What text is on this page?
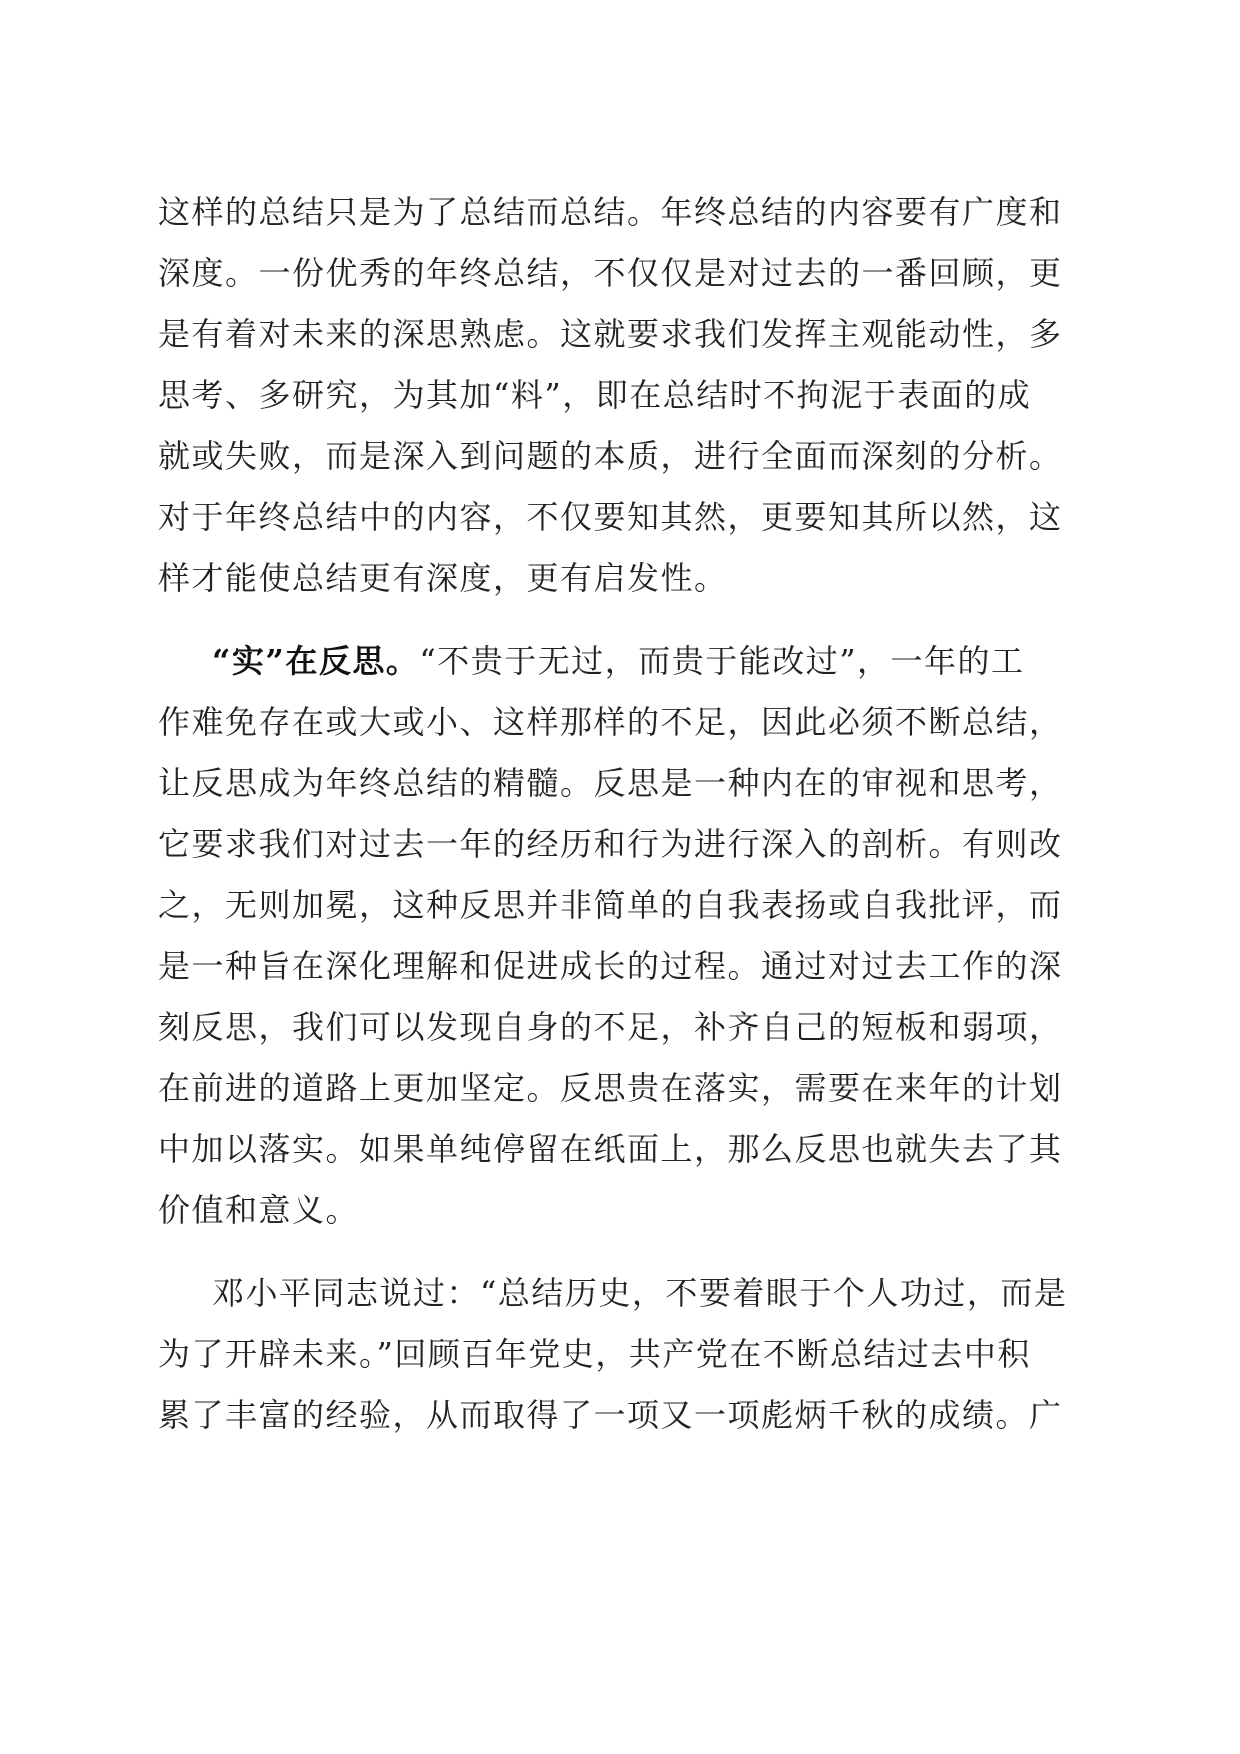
这样的总结只是为了总结而总结。年终总结的内容要有广度和
深度。一份优秀的年终总结，不仅仅是对过去的一番回顾，更
是有着对未来的深思熟虑。这就要求我们发挥主观能动性，多
思考、多研究，为其加“料”，即在总结时不拘泥于表面的成
就或失败，而是深入到问题的本质，进行全面而深刻的分析。
对于年终总结中的内容，不仅要知其然，更要知其所以然，这
样才能使总结更有深度，更有启发性。
“实”在反思。“不贵于无过，而贵于能改过”，一年的工
作难免存在或大或小、这样那样的不足，因此必须不断总结，
让反思成为年终总结的精髓。反思是一种内在的审视和思考，
它要求我们对过去一年的经历和行为进行深入的剖析。有则改
之，无则加冕，这种反思并非简单的自我表扬或自我批评，而
是一种旨在深化理解和促进成长的过程。通过对过去工作的深
刻反思，我们可以发现自身的不足，补齐自己的短板和弱项，
在前进的道路上更加坚定。反思贵在落实，需要在来年的计划
中加以落实。如果单纯停留在纸面上，那么反思也就失去了其
价值和意义。
邓小平同志说过：“总结历史，不要着眼于个人功过，而是
为了开辟未来。”回顾百年党史，共产党在不断总结过去中积
累了丰富的经验，从而取得了一项又一项彪炳千秋的成绩。广
